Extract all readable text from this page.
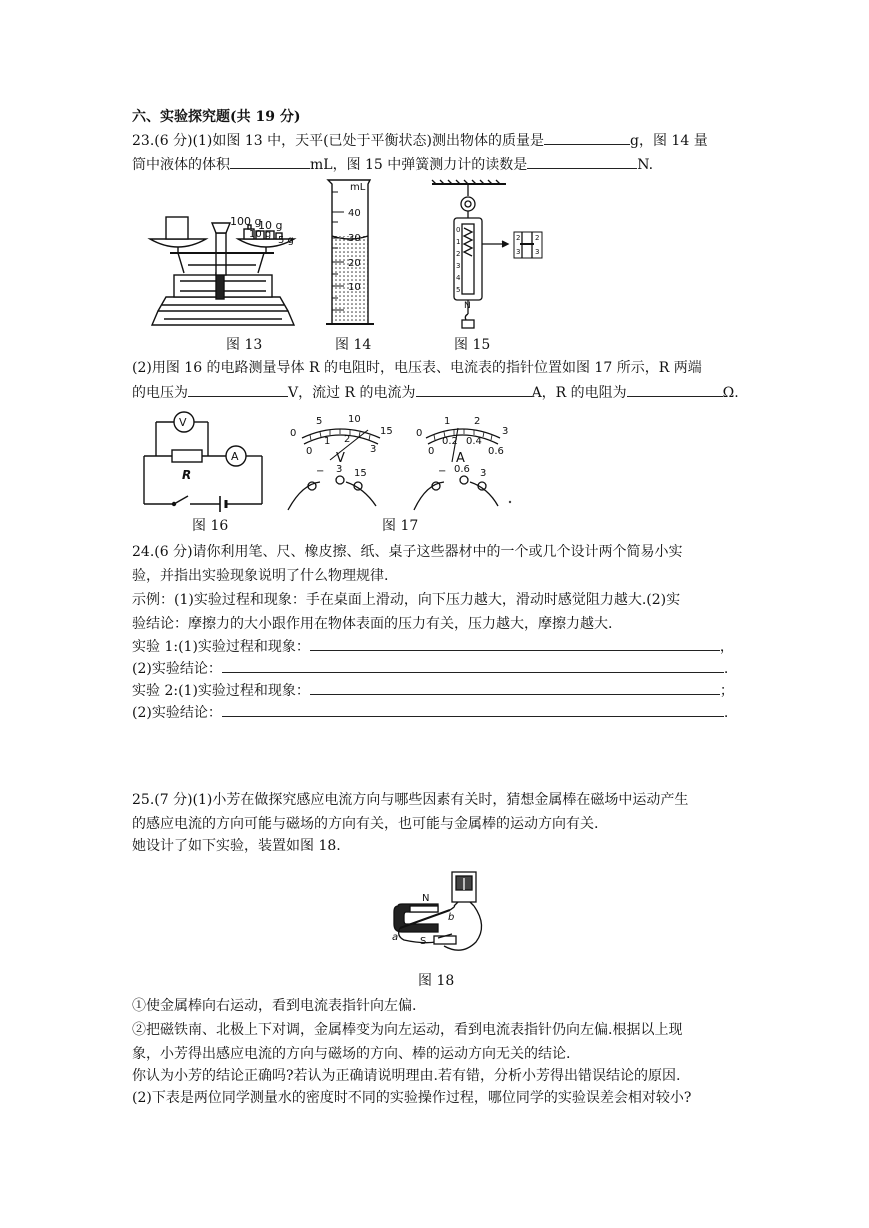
六、实验探究题(共 19 分)
23.(6 分)(1)如图 13 中，天平(已处于平衡状态)测出物体的质量是	g，图 14 量
筒中液体的体积	mL，图 15 中弹簧测力计的读数是	N.
100 g
10 g
10 g
5 g
图 13
mL
40
30
20
10
图 14
0
1
2
3
4
5
2
3
2
3
N
图 15
(2)用图 16 的电路测量导体 R 的电阻时，电压表、电流表的指针位置如图 17 所示，R 两端
的电压为	V，流过 R 的电流为	A，R 的电阻为	Ω.
V
A
R
图 16
0
5	10
15
0
1 2
3
V
− 3 15
0
1 2
3
0
0.2 0.4
0.6
A
− 0.6 3
图 17
24.(6 分)请你利用笔、尺、橡皮擦、纸、桌子这些器材中的一个或几个设计两个简易小实
验，并指出实验现象说明了什么物理规律.
示例：(1)实验过程和现象：手在桌面上滑动，向下压力越大，滑动时感觉阻力越大.(2)实
验结论：摩擦力的大小跟作用在物体表面的压力有关，压力越大，摩擦力越大.
实验 1:(1)实验过程和现象：	，
(2)实验结论：	.
实验 2:(1)实验过程和现象：	；
(2)实验结论：	.
25.(7 分)(1)小芳在做探究感应电流方向与哪些因素有关时，猜想金属棒在磁场中运动产生
的感应电流的方向可能与磁场的方向有关，也可能与金属棒的运动方向有关.
她设计了如下实验，装置如图 18.
N
S
a
b
图 18
①使金属棒向右运动，看到电流表指针向左偏.
②把磁铁南、北极上下对调，金属棒变为向左运动，看到电流表指针仍向左偏.根据以上现
象，小芳得出感应电流的方向与磁场的方向、棒的运动方向无关的结论.
你认为小芳的结论正确吗?若认为正确请说明理由.若有错，分析小芳得出错误结论的原因.
(2)下表是两位同学测量水的密度时不同的实验操作过程，哪位同学的实验误差会相对较小?
